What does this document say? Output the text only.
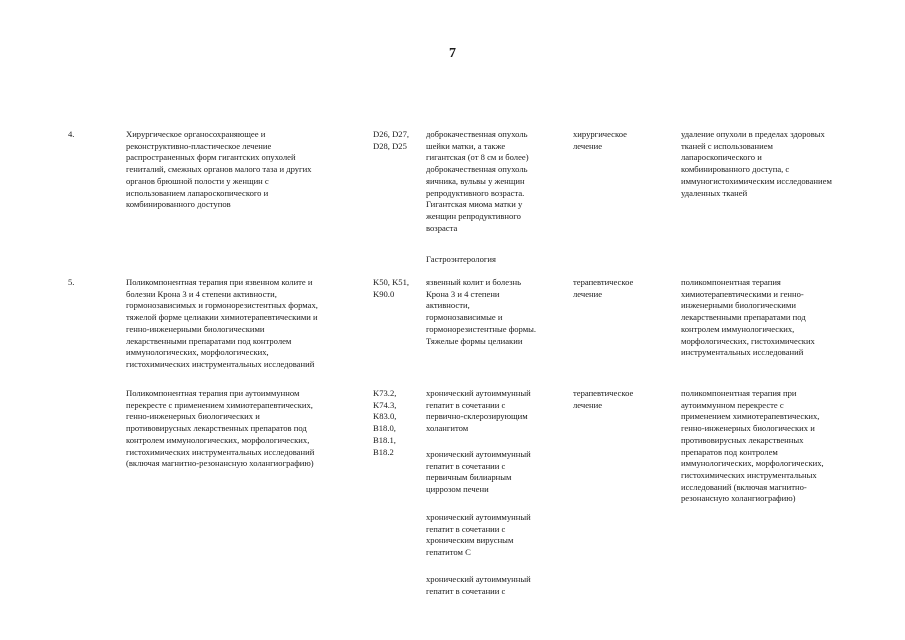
7
4.	Хирургическое органосохраняющее и
реконструктивно-пластическое лечение
распространенных форм гигантских опухолей
гениталий, смежных органов малого таза и других
органов брюшной полости у женщин с
использованием лапароскопического и
комбинированного доступов
D26, D27,
D28, D25
доброкачественная опухоль
шейки матки, а также
гигантская (от 8 см и более)
доброкачественная опухоль
яичника, вульвы у женщин
репродуктивного возраста.
Гигантская миома матки у
женщин репродуктивного
возраста
хирургическое
лечение
удаление опухоли в пределах здоровых
тканей с использованием
лапароскопического и
комбинированного доступа, с
иммуногистохимическим исследованием
удаленных тканей
Гастроэнтерология
5.	Поликомпонентная терапия при язвенном колите и
болезни Крона 3 и 4 степени активности,
гормонозависимых и гормонорезистентных формах,
тяжелой форме целиакии химиотерапевтическими и
генно-инженерными биологическими
лекарственными препаратами под контролем
иммунологических, морфологических,
гистохимических инструментальных исследований
K50, K51,
K90.0
язвенный колит и болезнь
Крона 3 и 4 степени
активности,
гормонозависимые и
гормонорезистентные формы.
Тяжелые формы целиакии
терапевтическое
лечение
поликомпонентная терапия
химиотерапевтическими и генно-
инженерными биологическими
лекарственными препаратами под
контролем иммунологических,
морфологических, гистохимических
инструментальных исследований
Поликомпонентная терапия при аутоиммунном
перекресте с применением химиотерапевтических,
генно-инженерных биологических и
противовирусных лекарственных препаратов под
контролем иммунологических, морфологических,
гистохимических инструментальных исследований
(включая магнитно-резонансную холангиографию)
K73.2,
K74.3,
K83.0,
B18.0,
B18.1,
B18.2
хронический аутоиммунный
гепатит в сочетании с
первично-склерозирующим
холангитом
хронический аутоиммунный
гепатит в сочетании с
первичным билиарным
циррозом печени
хронический аутоиммунный
гепатит в сочетании с
хроническим вирусным
гепатитом C
хронический аутоиммунный
гепатит в сочетании с
терапевтическое
лечение
поликомпонентная терапия при
аутоиммунном перекресте с
применением химиотерапевтических,
генно-инженерных биологических и
противовирусных лекарственных
препаратов под контролем
иммунологических, морфологических,
гистохимических инструментальных
исследований (включая магнитно-
резонансную холангиографию)
